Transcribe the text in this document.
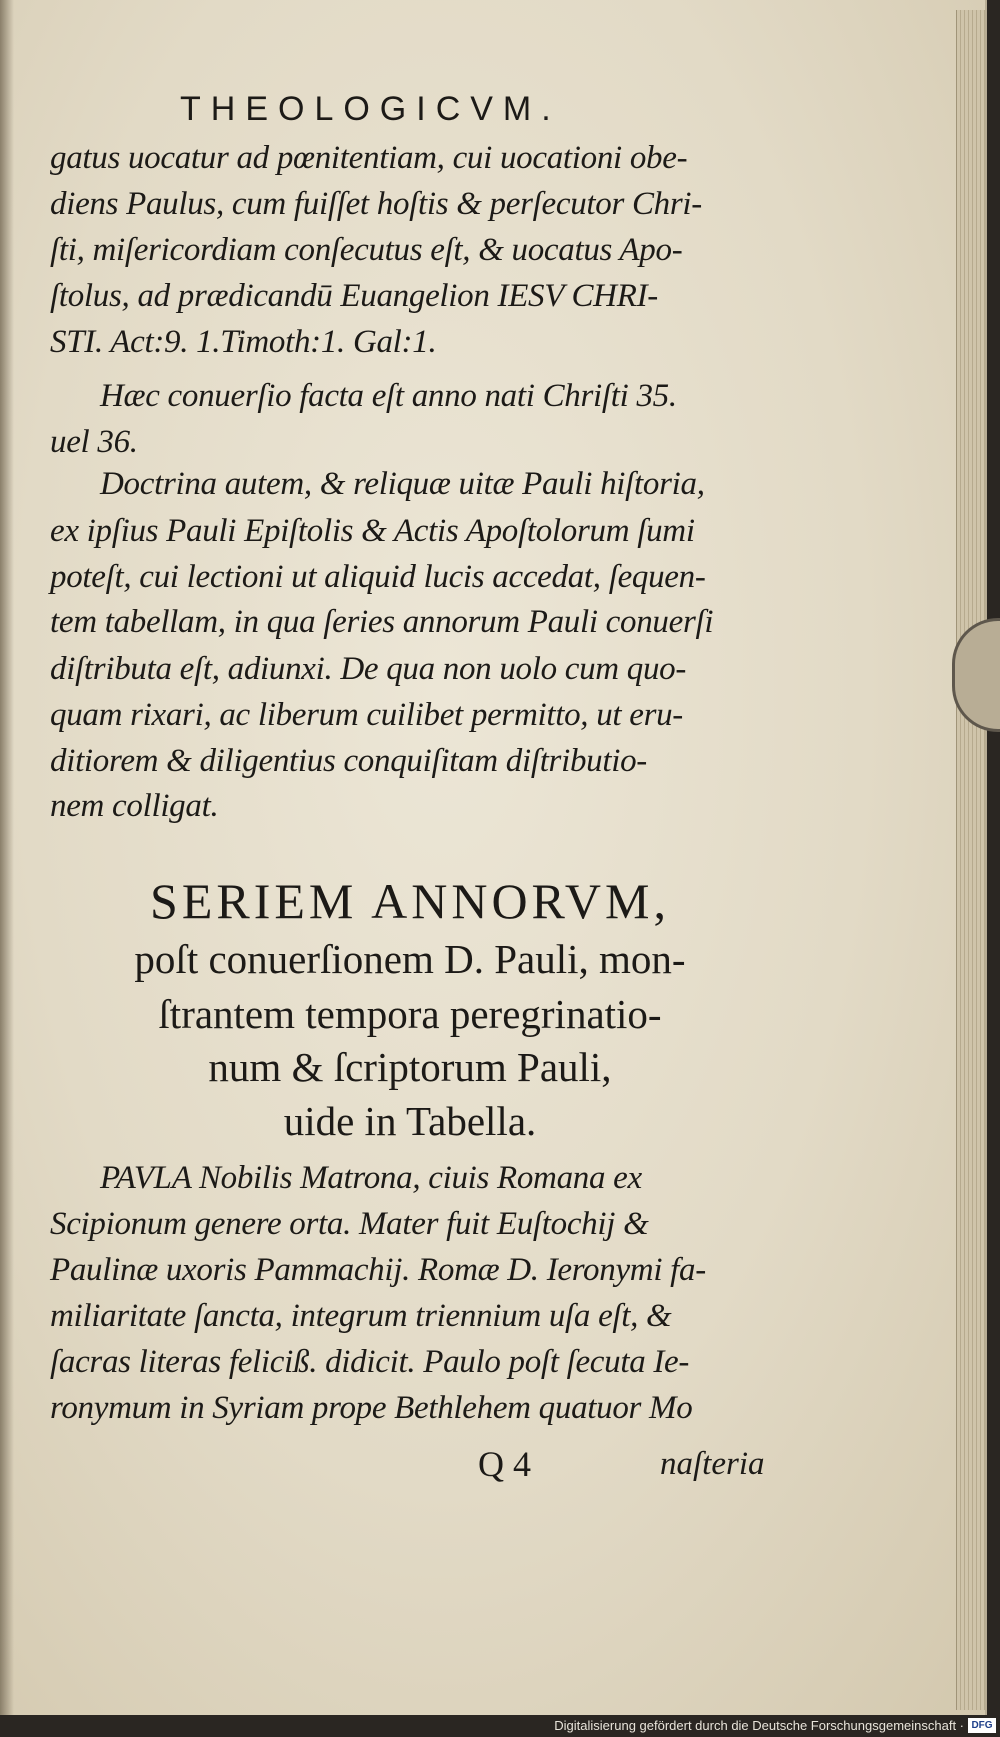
THEOLOGICVM.
gatus uocatur ad pœnitentiam, cui uocationi obe-
diens Paulus, cum fuiſſet hoſtis & perſecutor Chri-
ſti, miſericordiam conſecutus eſt, & uocatus Apo-
ſtolus, ad prædicandū Euangelion IESV CHRI-
STI. Act:9. 1.Timoth:1. Gal:1.
Hæc conuerſio facta eſt anno nati Chriſti 35.
uel 36.
Doctrina autem, & reliquæ uitæ Pauli hiſtoria,
ex ipſius Pauli Epiſtolis & Actis Apoſtolorum ſumi
poteſt, cui lectioni ut aliquid lucis accedat, ſequen-
tem tabellam, in qua ſeries annorum Pauli conuerſi
diſtributa eſt, adiunxi. De qua non uolo cum quo-
quam rixari, ac liberum cuilibet permitto, ut eru-
ditiorem & diligentius conquiſitam diſtributio-
nem colligat.
SERIEM ANNORVM,
poſt conuerſionem D. Pauli, mon-
ſtrantem tempora peregrinatio-
num & ſcriptorum Pauli,
uide in Tabella.
PAVLA Nobilis Matrona, ciuis Romana ex
Scipionum genere orta. Mater fuit Euſtochij &
Paulinæ uxoris Pammachij. Romæ D. Ieronymi fa-
miliaritate ſancta, integrum triennium uſa eſt, &
ſacras literas feliciß. didicit. Paulo poſt ſecuta Ie-
ronymum in Syriam prope Bethlehem quatuor Mo
Q 4	naſteria
Digitalisierung gefördert durch die Deutsche Forschungsgemeinschaft · DFG
